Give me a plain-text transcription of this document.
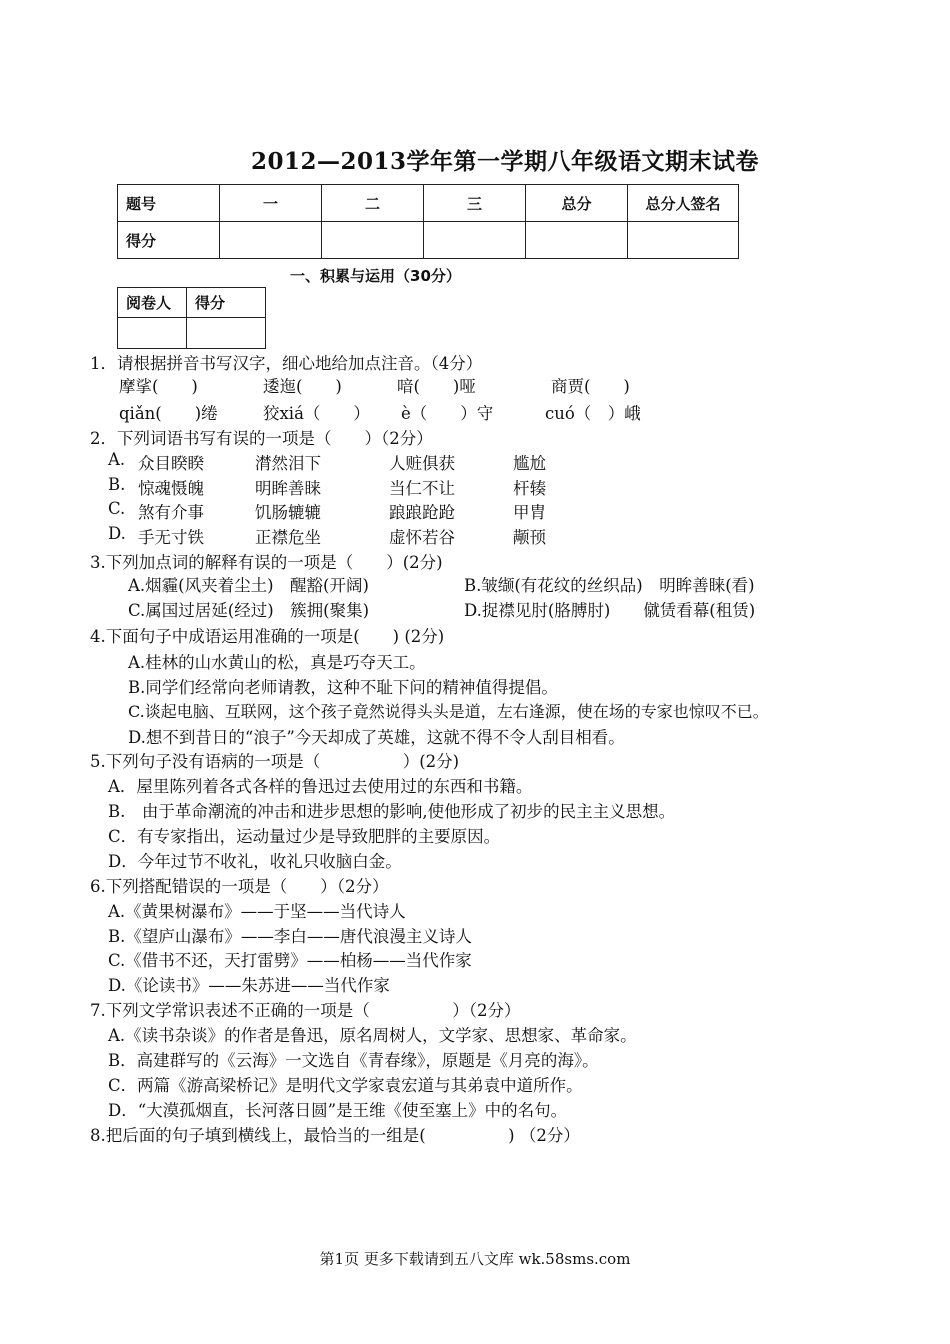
2012—2013学年第一学期八年级语文期末试卷
题号	一	二	三	总分	总分人签名
得分					
一、积累与运用（30分）
阅卷人	得分

1．请根据拼音书写汉字，细心地给加点注音。（4分）
摩挲(　　)	逶迤(　　)	喑(　　)哑	商贾(　　)
qiǎn(　　)绻	狡xiá（　　） è（　　）守	cuó（　）峨
2．下列词语书写有误的一项是（　　）（2分）
A. 众目睽睽	潸然泪下	人赃俱获	尴尬
B. 惊魂慑魄	明眸善睐	当仁不让	杆辏
C. 煞有介事	饥肠辘辘	踉踉跄跄	甲胄
D. 手无寸铁	正襟危坐	虚怀若谷	颟顸
3.下列加点词的解释有误的一项是（　　）(2分)
A.烟霾(风夹着尘土)　醒豁(开阔)	B.皱缬(有花纹的丝织品)　明眸善睐(看)
C.属国过居延(经过)　簇拥(聚集)	D.捉襟见肘(胳膊肘)　　僦赁看幕(租赁)
4.下面句子中成语运用准确的一项是(　　) (2分)
A.桂林的山水黄山的松，真是巧夺天工。
B.同学们经常向老师请教，这种不耻下问的精神值得提倡。
C.谈起电脑、互联网，这个孩子竟然说得头头是道，左右逢源，使在场的专家也惊叹不已。
D.想不到昔日的“浪子”今天却成了英雄，这就不得不令人刮目相看。
5.下列句子没有语病的一项是（　　　　　）(2分)
A．屋里陈列着各式各样的鲁迅过去使用过的东西和书籍。
B.　由于革命潮流的冲击和进步思想的影响,使他形成了初步的民主主义思想。
C．有专家指出，运动量过少是导致肥胖的主要原因。
D．今年过节不收礼，收礼只收脑白金。
6.下列搭配错误的一项是（　　）（2分）
A.《黄果树瀑布》——于坚——当代诗人
B.《望庐山瀑布》——李白——唐代浪漫主义诗人
C.《借书不还，天打雷劈》——柏杨——当代作家
D.《论读书》——朱苏进——当代作家
7.下列文学常识表述不正确的一项是（　　　　　）（2分）
A.《读书杂谈》的作者是鲁迅，原名周树人，文学家、思想家、革命家。
B．高建群写的《云海》一文选自《青春缘》，原题是《月亮的海》。
C．两篇《游高梁桥记》是明代文学家袁宏道与其弟袁中道所作。
D．“大漠孤烟直，长河落日圆”是王维《使至塞上》中的名句。
8.把后面的句子填到横线上，最恰当的一组是(　　　　　) （2分）
第1页 更多下载请到五八文库 wk.58sms.com
